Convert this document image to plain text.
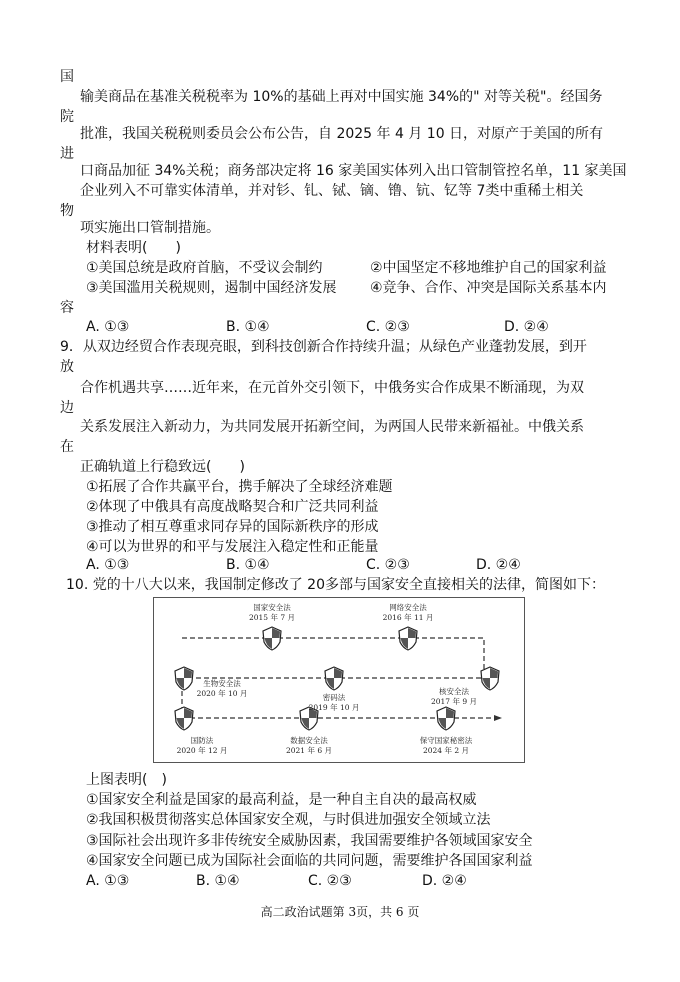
国
输美商品在基准关税税率为 10%的基础上再对中国实施 34%的" 对等关税"。经国务
院
批准，我国关税税则委员会公布公告，自 2025 年 4 月 10 日，对原产于美国的所有
进
口商品加征 34%关税；商务部决定将 16 家美国实体列入出口管制管控名单，11 家美国
企业列入不可靠实体清单，并对钐、钆、铽、镝、镥、钪、钇等 7类中重稀土相关
物
项实施出口管制措施。
材料表明(　　)
①美国总统是政府首脑，不受议会制约	②中国坚定不移地维护自己的国家利益
③美国滥用关税规则，遏制中国经济发展 ④竞争、合作、冲突是国际关系基本内
容
A. ①③	B. ①④	C. ②③	D. ②④
9．从双边经贸合作表现亮眼，到科技创新合作持续升温；从绿色产业蓬勃发展，到开
放
合作机遇共享……近年来，在元首外交引领下，中俄务实合作成果不断涌现，为双
边
关系发展注入新动力，为共同发展开拓新空间，为两国人民带来新福祉。中俄关系
在
正确轨道上行稳致远(　　)
①拓展了合作共赢平台，携手解决了全球经济难题
②体现了中俄具有高度战略契合和广泛共同利益
③推动了相互尊重求同存异的国际新秩序的形成
④可以为世界的和平与发展注入稳定性和正能量
A. ①③	B. ①④	C. ②③	D. ②④
10. 党的十八大以来，我国制定修改了 20多部与国家安全直接相关的法律，简图如下：
国家安全法
2015 年 7 月
网络安全法
2016 年 11 月
生物安全法
2020 年 10 月	密码法
2019 年 10 月
核安全法
2017 年 9 月
国防法
2020 年 12 月
数据安全法
2021 年 6 月
保守国家秘密法
2024 年 2 月
上图表明(　)
①国家安全利益是国家的最高利益，是一种自主自决的最高权威
②我国积极贯彻落实总体国家安全观，与时俱进加强安全领域立法
③国际社会出现许多非传统安全威胁因素，我国需要维护各领域国家安全
④国家安全问题已成为国际社会面临的共同问题，需要维护各国国家利益
A. ①③	B. ①④	C. ②③	D. ②④
高二政治试题第 3页，共 6 页
